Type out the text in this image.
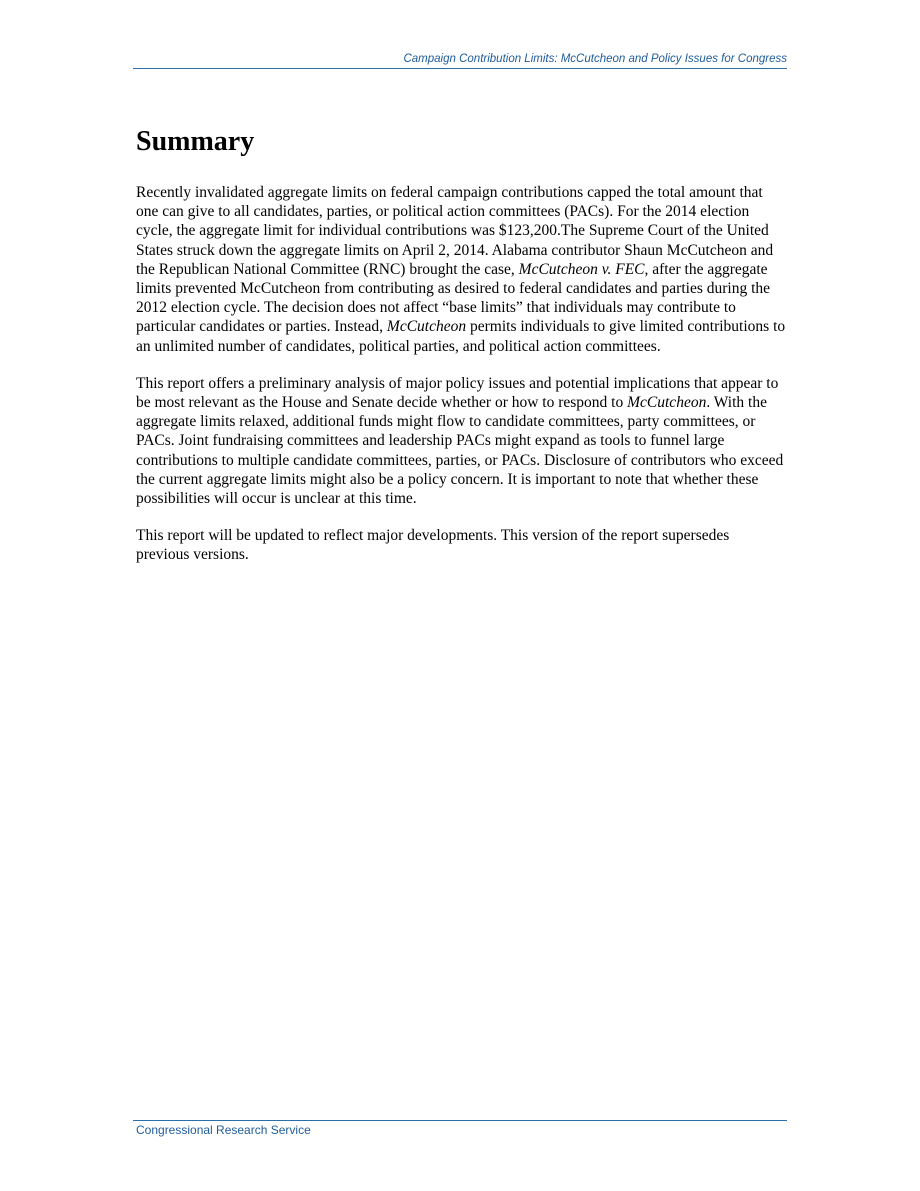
Campaign Contribution Limits: McCutcheon and Policy Issues for Congress
Summary

Recently invalidated aggregate limits on federal campaign contributions capped the total amount that one can give to all candidates, parties, or political action committees (PACs). For the 2014 election cycle, the aggregate limit for individual contributions was $123,200.The Supreme Court of the United States struck down the aggregate limits on April 2, 2014. Alabama contributor Shaun McCutcheon and the Republican National Committee (RNC) brought the case, McCutcheon v. FEC, after the aggregate limits prevented McCutcheon from contributing as desired to federal candidates and parties during the 2012 election cycle. The decision does not affect “base limits” that individuals may contribute to particular candidates or parties. Instead, McCutcheon permits individuals to give limited contributions to an unlimited number of candidates, political parties, and political action committees.

This report offers a preliminary analysis of major policy issues and potential implications that appear to be most relevant as the House and Senate decide whether or how to respond to McCutcheon. With the aggregate limits relaxed, additional funds might flow to candidate committees, party committees, or PACs. Joint fundraising committees and leadership PACs might expand as tools to funnel large contributions to multiple candidate committees, parties, or PACs. Disclosure of contributors who exceed the current aggregate limits might also be a policy concern. It is important to note that whether these possibilities will occur is unclear at this time.

This report will be updated to reflect major developments. This version of the report supersedes previous versions.

Congressional Research Service
